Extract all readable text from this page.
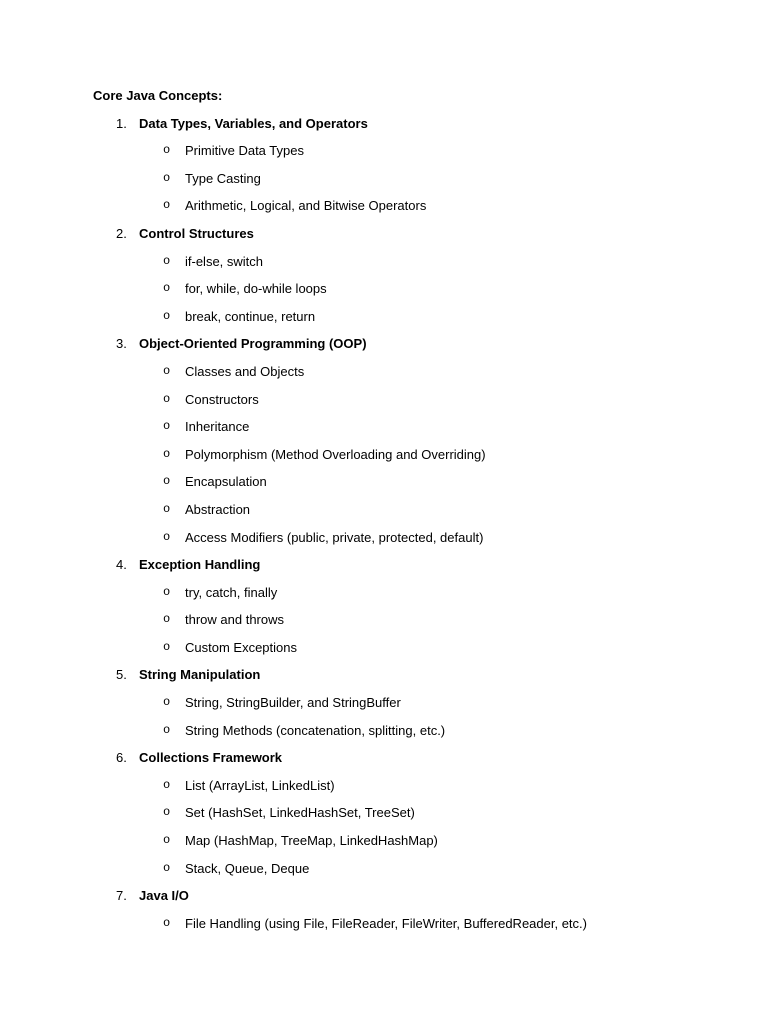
Core Java Concepts:
1. Data Types, Variables, and Operators
o Primitive Data Types
o Type Casting
o Arithmetic, Logical, and Bitwise Operators
2. Control Structures
o if-else, switch
o for, while, do-while loops
o break, continue, return
3. Object-Oriented Programming (OOP)
o Classes and Objects
o Constructors
o Inheritance
o Polymorphism (Method Overloading and Overriding)
o Encapsulation
o Abstraction
o Access Modifiers (public, private, protected, default)
4. Exception Handling
o try, catch, finally
o throw and throws
o Custom Exceptions
5. String Manipulation
o String, StringBuilder, and StringBuffer
o String Methods (concatenation, splitting, etc.)
6. Collections Framework
o List (ArrayList, LinkedList)
o Set (HashSet, LinkedHashSet, TreeSet)
o Map (HashMap, TreeMap, LinkedHashMap)
o Stack, Queue, Deque
7. Java I/O
o File Handling (using File, FileReader, FileWriter, BufferedReader, etc.)
